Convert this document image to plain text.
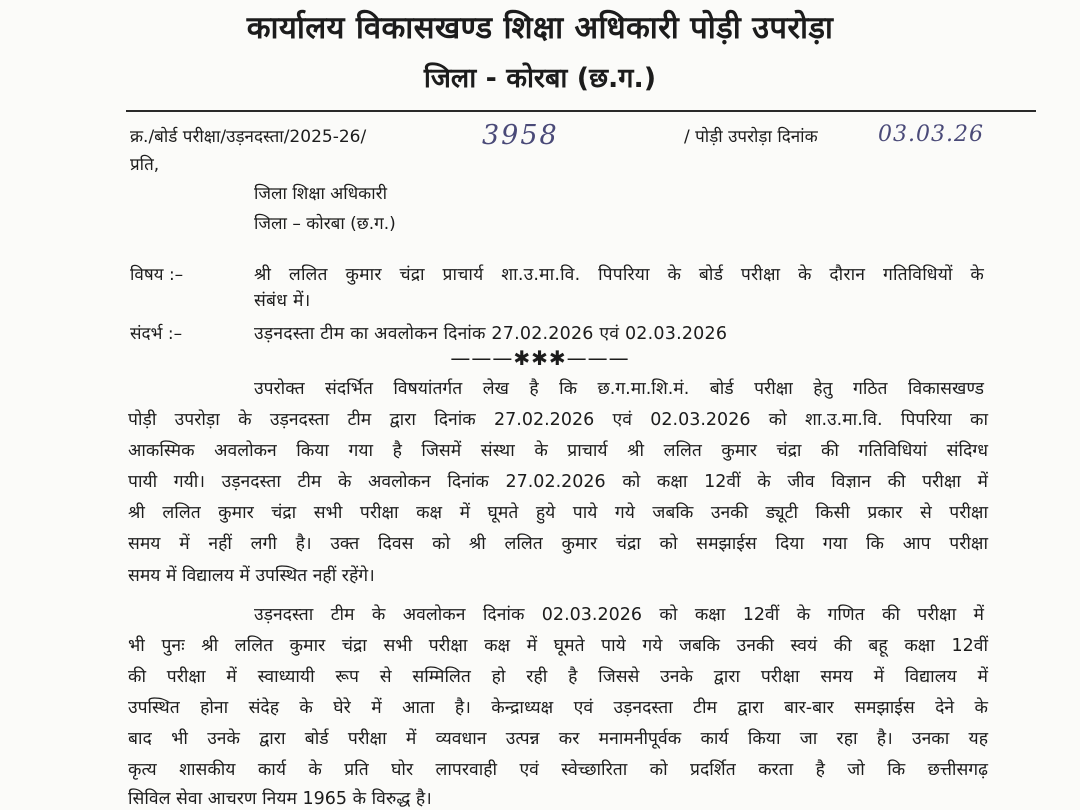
कार्यालय विकासखण्ड शिक्षा अधिकारी पोड़ी उपरोड़ा
जिला - कोरबा (छ.ग.)
क्र./बोर्ड परीक्षा/उड़नदस्ता/2025-26/	3958	/ पोड़ी उपरोड़ा दिनांक	03.03.26
प्रति,
जिला शिक्षा अधिकारी
जिला – कोरबा (छ.ग.)
विषय :–	श्री ललित कुमार चंद्रा प्राचार्य शा.उ.मा.वि. पिपरिया के बोर्ड परीक्षा के दौरान गतिविधियों के
संबंध में।
संदर्भ :–	उड़नदस्ता टीम का अवलोकन दिनांक 27.02.2026 एवं 02.03.2026
———✱✱✱———
उपरोक्त संदर्भित विषयांतर्गत लेख है कि छ.ग.मा.शि.मं. बोर्ड परीक्षा हेतु गठित विकासखण्ड
पोड़ी उपरोड़ा के उड़नदस्ता टीम द्वारा दिनांक 27.02.2026 एवं 02.03.2026 को शा.उ.मा.वि. पिपरिया का
आकस्मिक अवलोकन किया गया है जिसमें संस्था के प्राचार्य श्री ललित कुमार चंद्रा की गतिविधियां संदिग्ध
पायी गयी। उड़नदस्ता टीम के अवलोकन दिनांक 27.02.2026 को कक्षा 12वीं के जीव विज्ञान की परीक्षा में
श्री ललित कुमार चंद्रा सभी परीक्षा कक्ष में घूमते हुये पाये गये जबकि उनकी ड्यूटी किसी प्रकार से परीक्षा
समय में नहीं लगी है। उक्त दिवस को श्री ललित कुमार चंद्रा को समझाईस दिया गया कि आप परीक्षा
समय में विद्यालय में उपस्थित नहीं रहेंगे।
उड़नदस्ता टीम के अवलोकन दिनांक 02.03.2026 को कक्षा 12वीं के गणित की परीक्षा में
भी पुनः श्री ललित कुमार चंद्रा सभी परीक्षा कक्ष में घूमते पाये गये जबकि उनकी स्वयं की बहू कक्षा 12वीं
की परीक्षा में स्वाध्यायी रूप से सम्मिलित हो रही है जिससे उनके द्वारा परीक्षा समय में विद्यालय में
उपस्थित होना संदेह के घेरे में आता है। केन्द्राध्यक्ष एवं उड़नदस्ता टीम द्वारा बार-बार समझाईस देने के
बाद भी उनके द्वारा बोर्ड परीक्षा में व्यवधान उत्पन्न कर मनामनीपूर्वक कार्य किया जा रहा है। उनका यह
कृत्य शासकीय कार्य के प्रति घोर लापरवाही एवं स्वेच्छारिता को प्रदर्शित करता है जो कि छत्तीसगढ़
सिविल सेवा आचरण नियम 1965 के विरुद्ध है।
